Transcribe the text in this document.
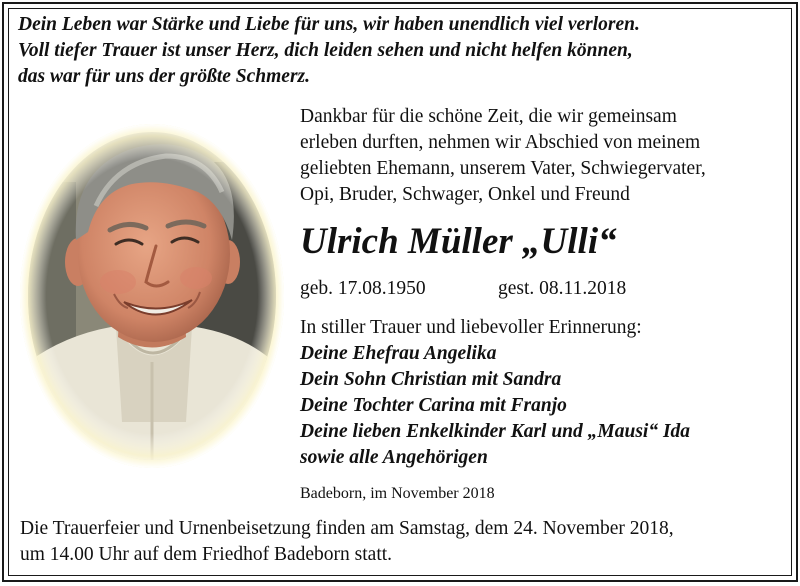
Dein Leben war Stärke und Liebe für uns, wir haben unendlich viel verloren.
Voll tiefer Trauer ist unser Herz, dich leiden sehen und nicht helfen können,
das war für uns der größte Schmerz.

Dankbar für die schöne Zeit, die wir gemeinsam
erleben durften, nehmen wir Abschied von meinem
geliebten Ehemann, unserem Vater, Schwiegervater,
Opi, Bruder, Schwager, Onkel und Freund

Ulrich Müller „Ulli“
geb. 17.08.1950	gest. 08.11.2018

In stiller Trauer und liebevoller Erinnerung:
Deine Ehefrau Angelika
Dein Sohn Christian mit Sandra
Deine Tochter Carina mit Franjo
Deine lieben Enkelkinder Karl und „Mausi“ Ida
sowie alle Angehörigen

Badeborn, im November 2018

Die Trauerfeier und Urnenbeisetzung finden am Samstag, dem 24. November 2018,
um 14.00 Uhr auf dem Friedhof Badeborn statt.
